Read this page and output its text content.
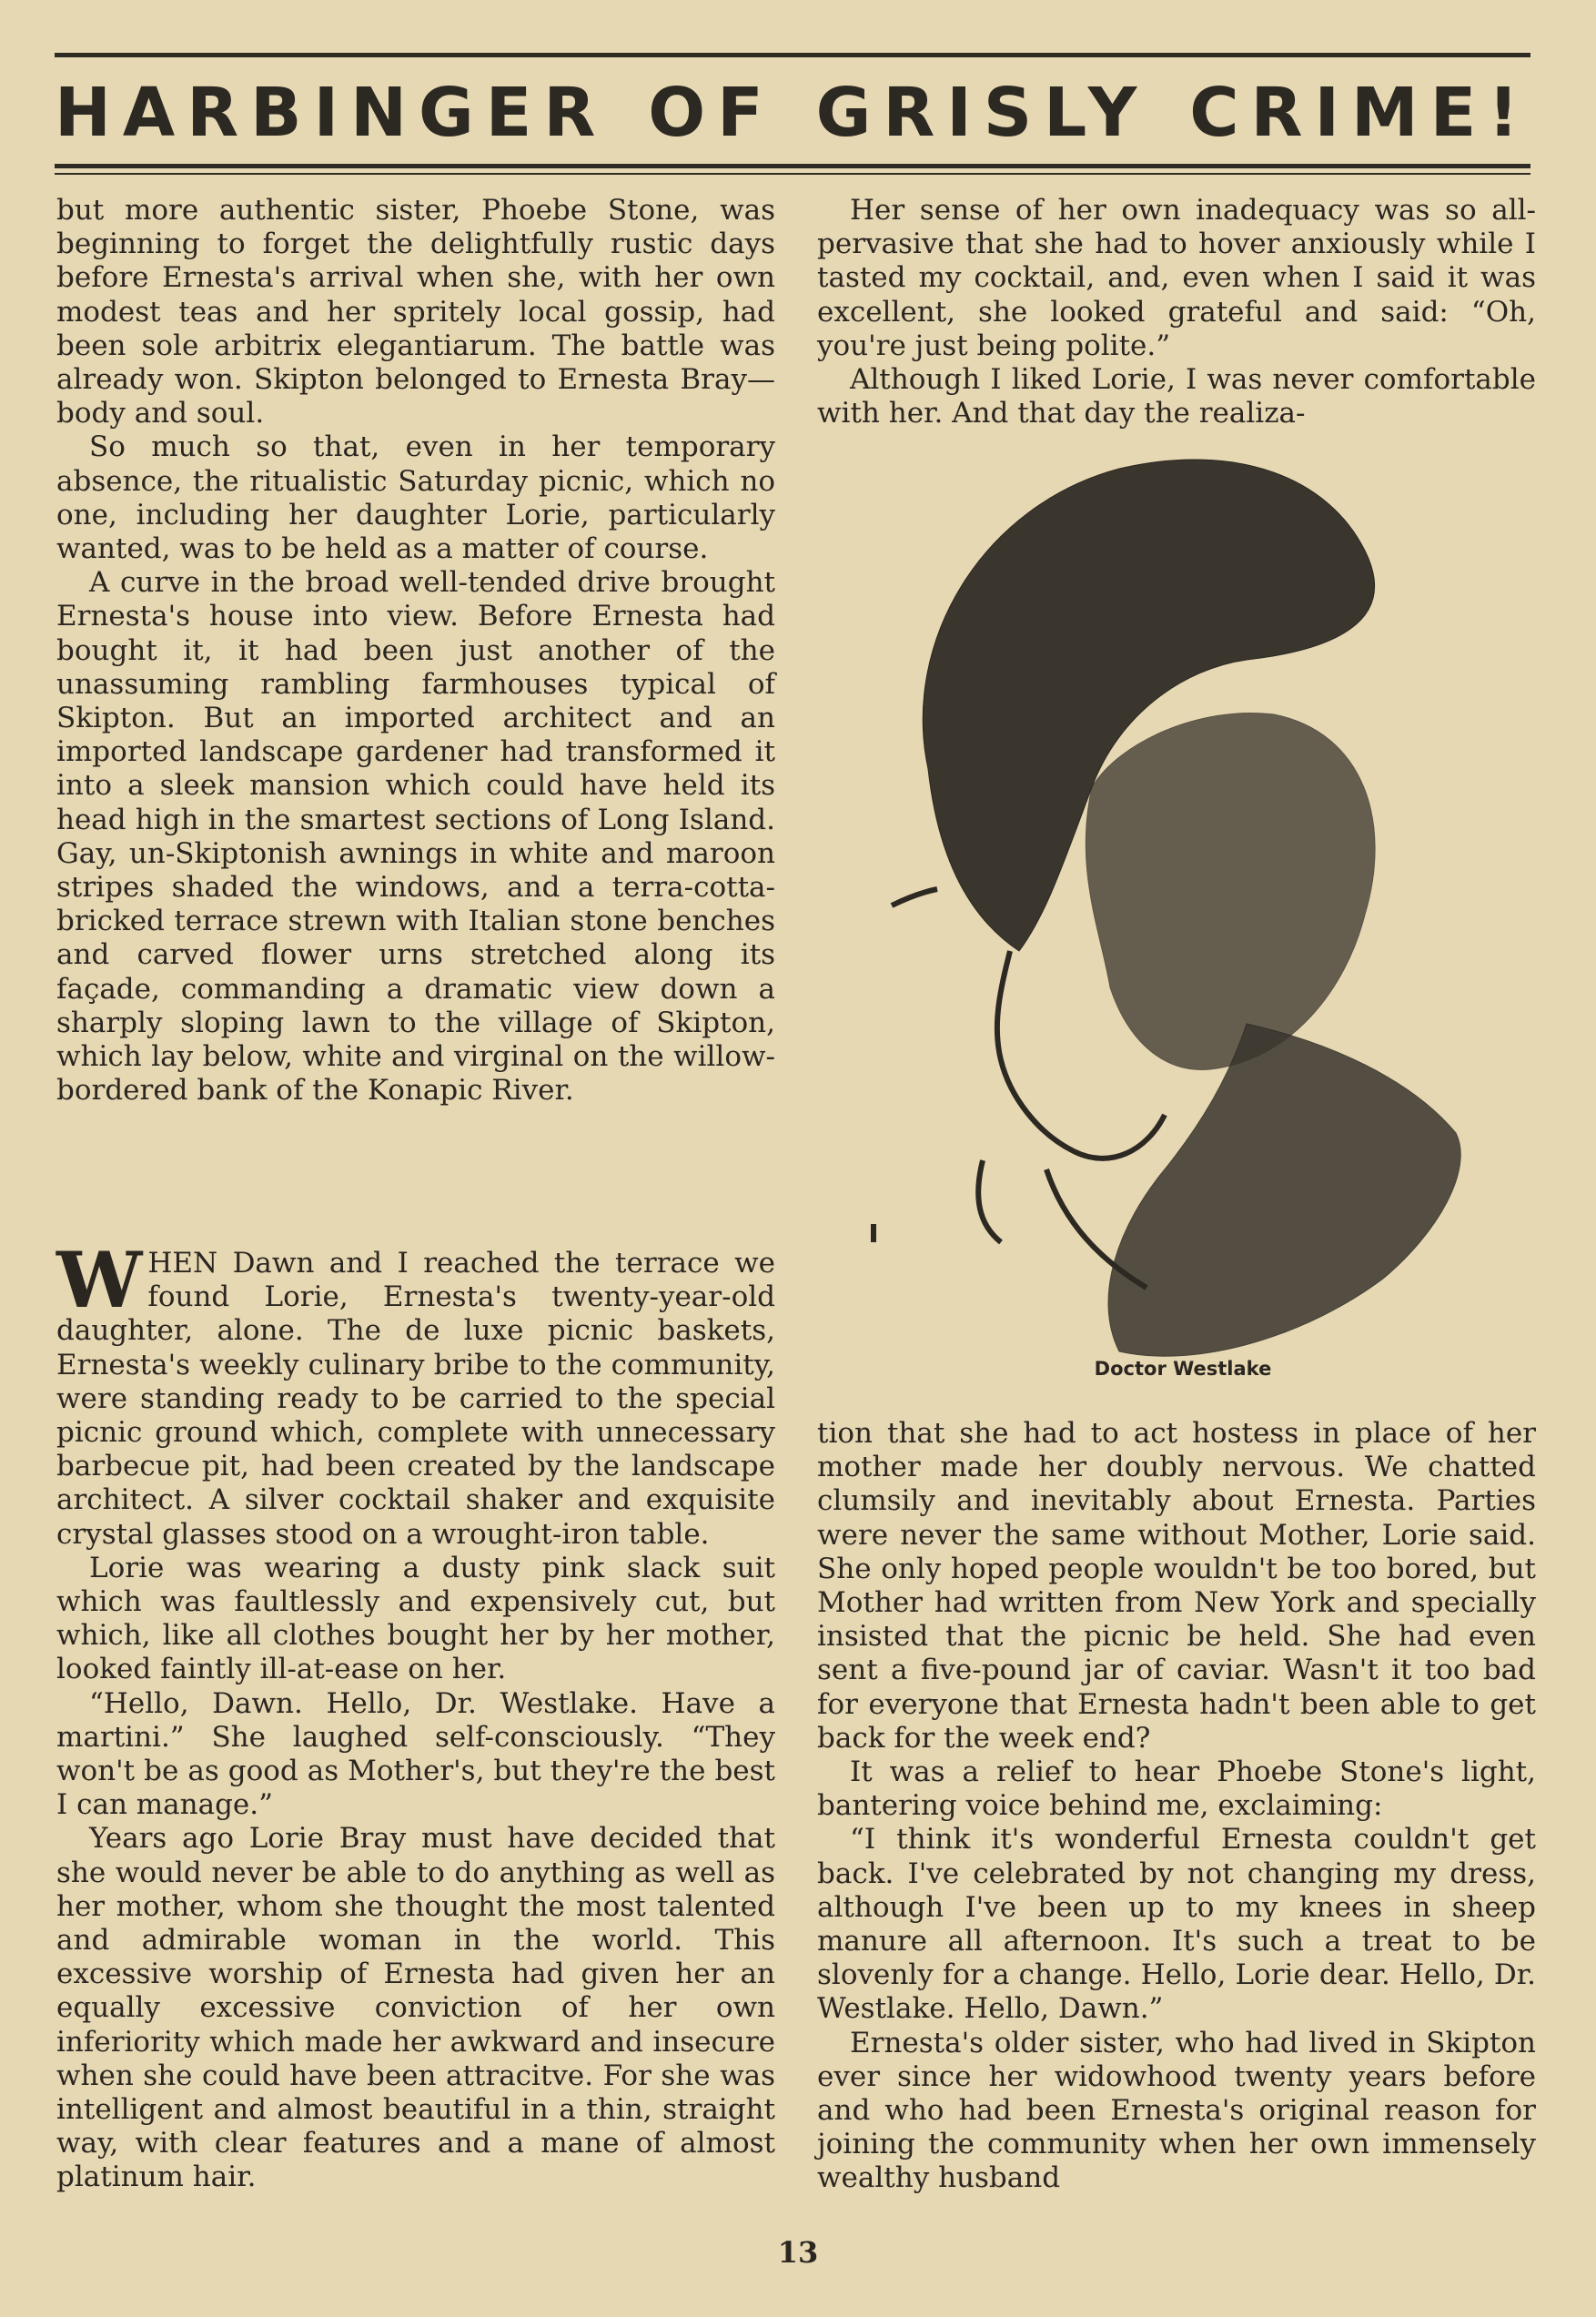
HARBINGER OF GRISLY CRIME!

but more authentic sister, Phoebe Stone, was beginning to forget the delightfully rustic days before Ernesta's arrival when she, with her own modest teas and her spritely local gossip, had been sole arbitrix elegantiarum. The battle was already won. Skipton belonged to Ernesta Bray—body and soul.

So much so that, even in her temporary absence, the ritualistic Saturday picnic, which no one, including her daughter Lorie, particularly wanted, was to be held as a matter of course.

A curve in the broad well-tended drive brought Ernesta's house into view. Before Ernesta had bought it, it had been just another of the unassuming rambling farmhouses typical of Skipton. But an imported architect and an imported landscape gardener had transformed it into a sleek mansion which could have held its head high in the smartest sections of Long Island. Gay, un-Skiptonish awnings in white and maroon stripes shaded the windows, and a terra-cotta-bricked terrace strewn with Italian stone benches and carved flower urns stretched along its façade, commanding a dramatic view down a sharply sloping lawn to the village of Skipton, which lay below, white and virginal on the willow-bordered bank of the Konapic River.

WHEN Dawn and I reached the terrace we found Lorie, Ernesta's twenty-year-old daughter, alone. The de luxe picnic baskets, Ernesta's weekly culinary bribe to the community, were standing ready to be carried to the special picnic ground which, complete with unnecessary barbecue pit, had been created by the landscape architect. A silver cocktail shaker and exquisite crystal glasses stood on a wrought-iron table.

Lorie was wearing a dusty pink slack suit which was faultlessly and expensively cut, but which, like all clothes bought her by her mother, looked faintly ill-at-ease on her.

“Hello, Dawn. Hello, Dr. Westlake. Have a martini.” She laughed self-consciously. “They won't be as good as Mother's, but they're the best I can manage.”

Years ago Lorie Bray must have decided that she would never be able to do anything as well as her mother, whom she thought the most talented and admirable woman in the world. This excessive worship of Ernesta had given her an equally excessive conviction of her own inferiority which made her awkward and insecure when she could have been attracitve. For she was intelligent and almost beautiful in a thin, straight way, with clear features and a mane of almost platinum hair.

Her sense of her own inadequacy was so all-pervasive that she had to hover anxiously while I tasted my cocktail, and, even when I said it was excellent, she looked grateful and said: “Oh, you're just being polite.”

Although I liked Lorie, I was never comfortable with her. And that day the realiza-

Doctor Westlake

tion that she had to act hostess in place of her mother made her doubly nervous. We chatted clumsily and inevitably about Ernesta. Parties were never the same without Mother, Lorie said. She only hoped people wouldn't be too bored, but Mother had written from New York and specially insisted that the picnic be held. She had even sent a five-pound jar of caviar. Wasn't it too bad for everyone that Ernesta hadn't been able to get back for the week end?

It was a relief to hear Phoebe Stone's light, bantering voice behind me, exclaiming:

“I think it's wonderful Ernesta couldn't get back. I've celebrated by not changing my dress, although I've been up to my knees in sheep manure all afternoon. It's such a treat to be slovenly for a change. Hello, Lorie dear. Hello, Dr. Westlake. Hello, Dawn.”

Ernesta's older sister, who had lived in Skipton ever since her widowhood twenty years before and who had been Ernesta's original reason for joining the community when her own immensely wealthy husband

13
